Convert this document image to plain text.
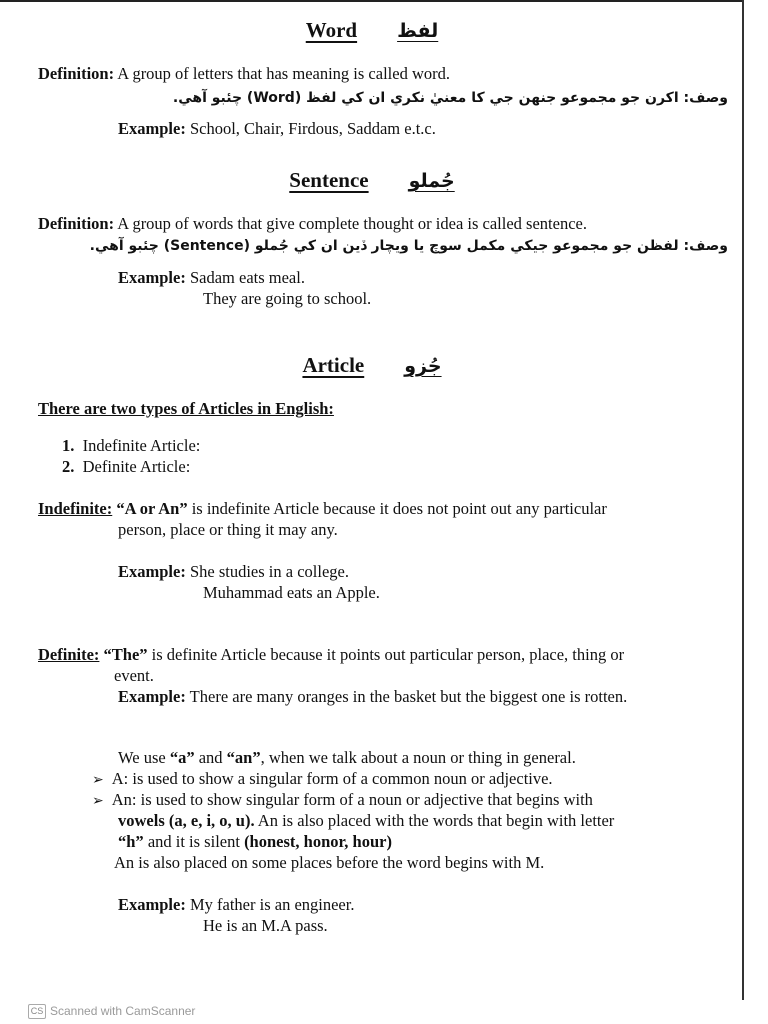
Word لفظ
Definition: A group of letters that has meaning is called word.
وصف: اکرن جو مجموعو جنهن جي کا معنيٰ نکري ان کي لفظ (Word) چئبو آهي.
Example: School, Chair, Firdous, Saddam e.t.c.
Sentence جُملو
Definition: A group of words that give complete thought or idea is called sentence.
وصف: لفظن جو مجموعو جيکي مکمل سوچ يا ويچار ڏين ان کي جُملو (Sentence) چئبو آهي.
Example: Sadam eats meal.
They are going to school.
Article جُزو
There are two types of Articles in English:
1. Indefinite Article:
2. Definite Article:
Indefinite: “A or An” is indefinite Article because it does not point out any particular
person, place or thing it may any.
Example: She studies in a college.
Muhammad eats an Apple.
Definite: “The” is definite Article because it points out particular person, place, thing or
event.
Example: There are many oranges in the basket but the biggest one is rotten.
We use “a” and “an”, when we talk about a noun or thing in general.
➢ A: is used to show a singular form of a common noun or adjective.
➢ An: is used to show singular form of a noun or adjective that begins with
vowels (a, e, i, o, u). An is also placed with the words that begin with letter
“h” and it is silent (honest, honor, hour)
An is also placed on some places before the word begins with M.
Example: My father is an engineer.
He is an M.A pass.
CS Scanned with CamScanner
